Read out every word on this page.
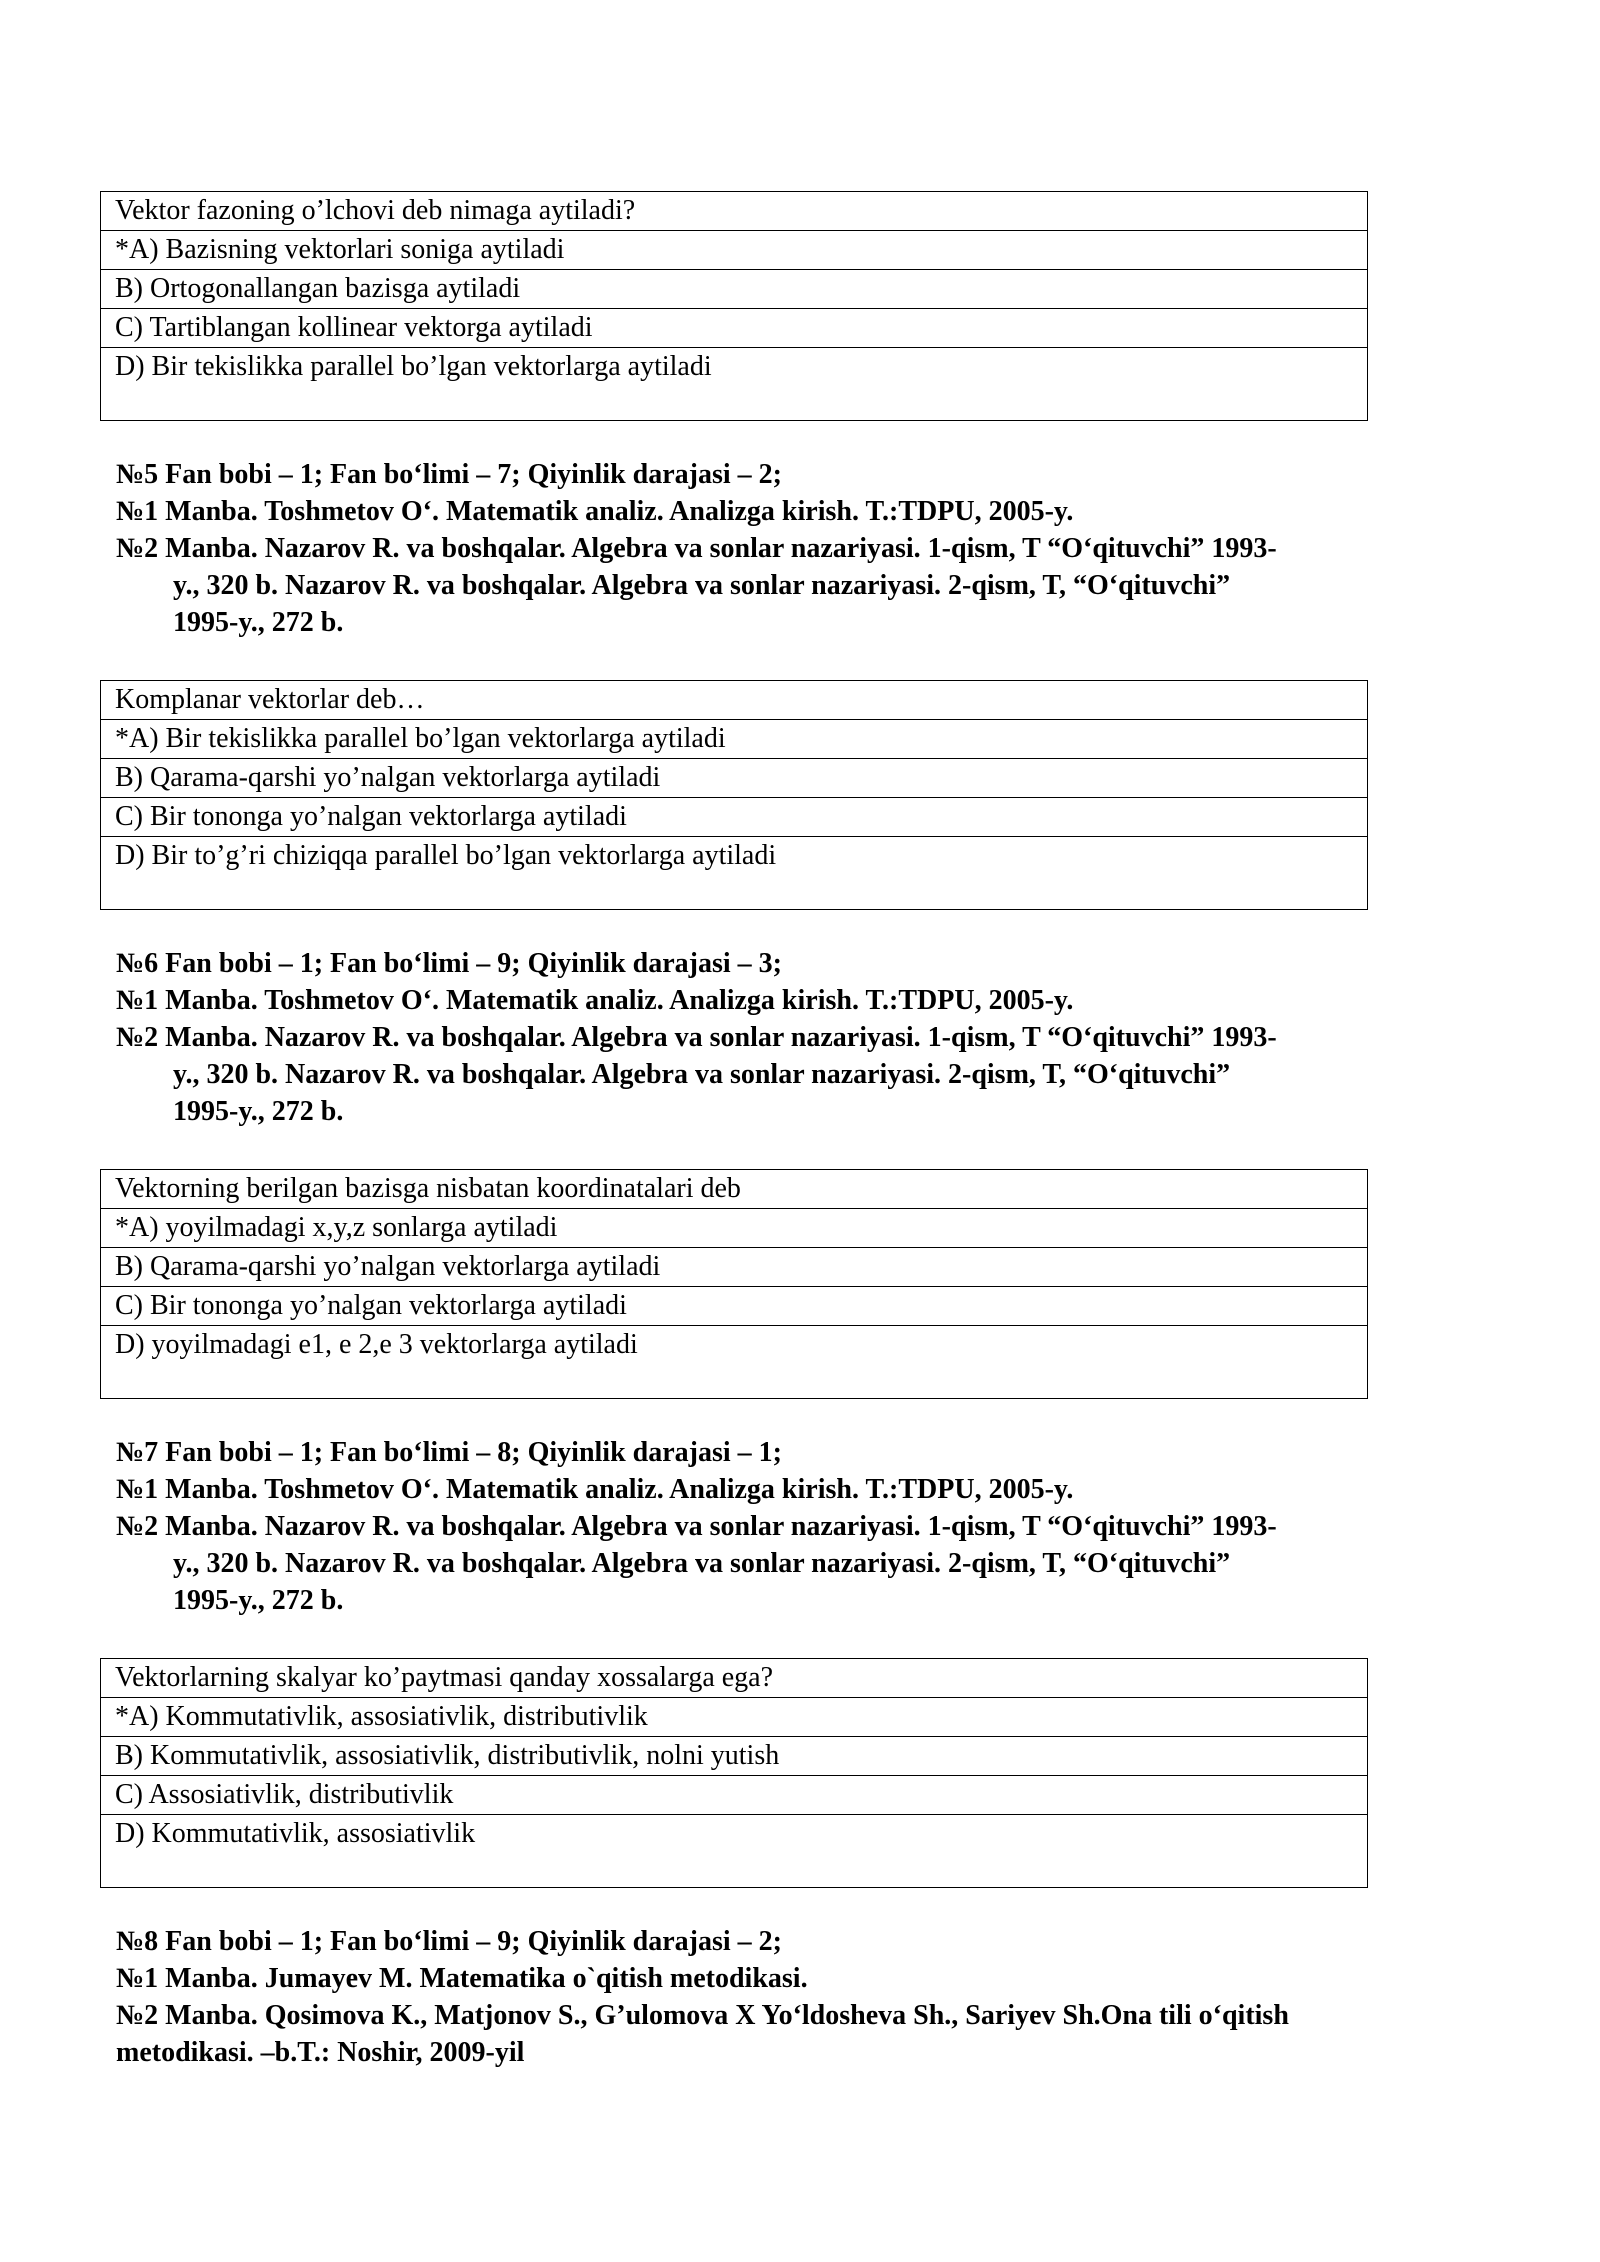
Vektor fazoning o’lchovi deb nimaga aytiladi?
*A) Bazisning vektorlari soniga aytiladi
B) Ortogonallangan bazisga aytiladi
C) Tartiblangan kollinear vektorga aytiladi
D) Bir tekislikka parallel bo’lgan vektorlarga aytiladi
№5 Fan bobi – 1; Fan bo‘limi – 7; Qiyinlik darajasi – 2;
№1 Manba. Toshmetov O‘. Matematik analiz. Analizga kirish. T.:TDPU, 2005-y.
№2 Manba. Nazarov R. va boshqalar. Algebra va sonlar nazariyasi. 1-qism, T “O‘qituvchi” 1993-
y., 320 b. Nazarov R. va boshqalar. Algebra va sonlar nazariyasi. 2-qism, T, “O‘qituvchi”
1995-y., 272 b.
Komplanar vektorlar deb…
*A) Bir tekislikka parallel bo’lgan vektorlarga aytiladi
B) Qarama-qarshi yo’nalgan vektorlarga aytiladi
C) Bir tononga yo’nalgan vektorlarga aytiladi
D) Bir to’g’ri chiziqqa parallel bo’lgan vektorlarga aytiladi
№6 Fan bobi – 1; Fan bo‘limi – 9; Qiyinlik darajasi – 3;
№1 Manba. Toshmetov O‘. Matematik analiz. Analizga kirish. T.:TDPU, 2005-y.
№2 Manba. Nazarov R. va boshqalar. Algebra va sonlar nazariyasi. 1-qism, T “O‘qituvchi” 1993-
y., 320 b. Nazarov R. va boshqalar. Algebra va sonlar nazariyasi. 2-qism, T, “O‘qituvchi”
1995-y., 272 b.
Vektorning berilgan bazisga nisbatan koordinatalari deb
*A) yoyilmadagi x,y,z sonlarga aytiladi
B) Qarama-qarshi yo’nalgan vektorlarga aytiladi
C) Bir tononga yo’nalgan vektorlarga aytiladi
D) yoyilmadagi e1, e 2,e 3 vektorlarga aytiladi
№7 Fan bobi – 1; Fan bo‘limi – 8; Qiyinlik darajasi – 1;
№1 Manba. Toshmetov O‘. Matematik analiz. Analizga kirish. T.:TDPU, 2005-y.
№2 Manba. Nazarov R. va boshqalar. Algebra va sonlar nazariyasi. 1-qism, T “O‘qituvchi” 1993-
y., 320 b. Nazarov R. va boshqalar. Algebra va sonlar nazariyasi. 2-qism, T, “O‘qituvchi”
1995-y., 272 b.
Vektorlarning skalyar ko’paytmasi qanday xossalarga ega?
*A) Kommutativlik, assosiativlik, distributivlik
B) Kommutativlik, assosiativlik, distributivlik, nolni yutish
C) Assosiativlik, distributivlik
D) Kommutativlik, assosiativlik
№8 Fan bobi – 1; Fan bo‘limi – 9; Qiyinlik darajasi – 2;
№1 Manba. Jumayev M. Matematika o`qitish metodikasi.
№2 Manba. Qosimova K., Matjonov S., G’ulomova X Yo‘ldosheva Sh., Sariyev Sh.Ona tili o‘qitish
metodikasi. –b.T.: Noshir, 2009-yil
